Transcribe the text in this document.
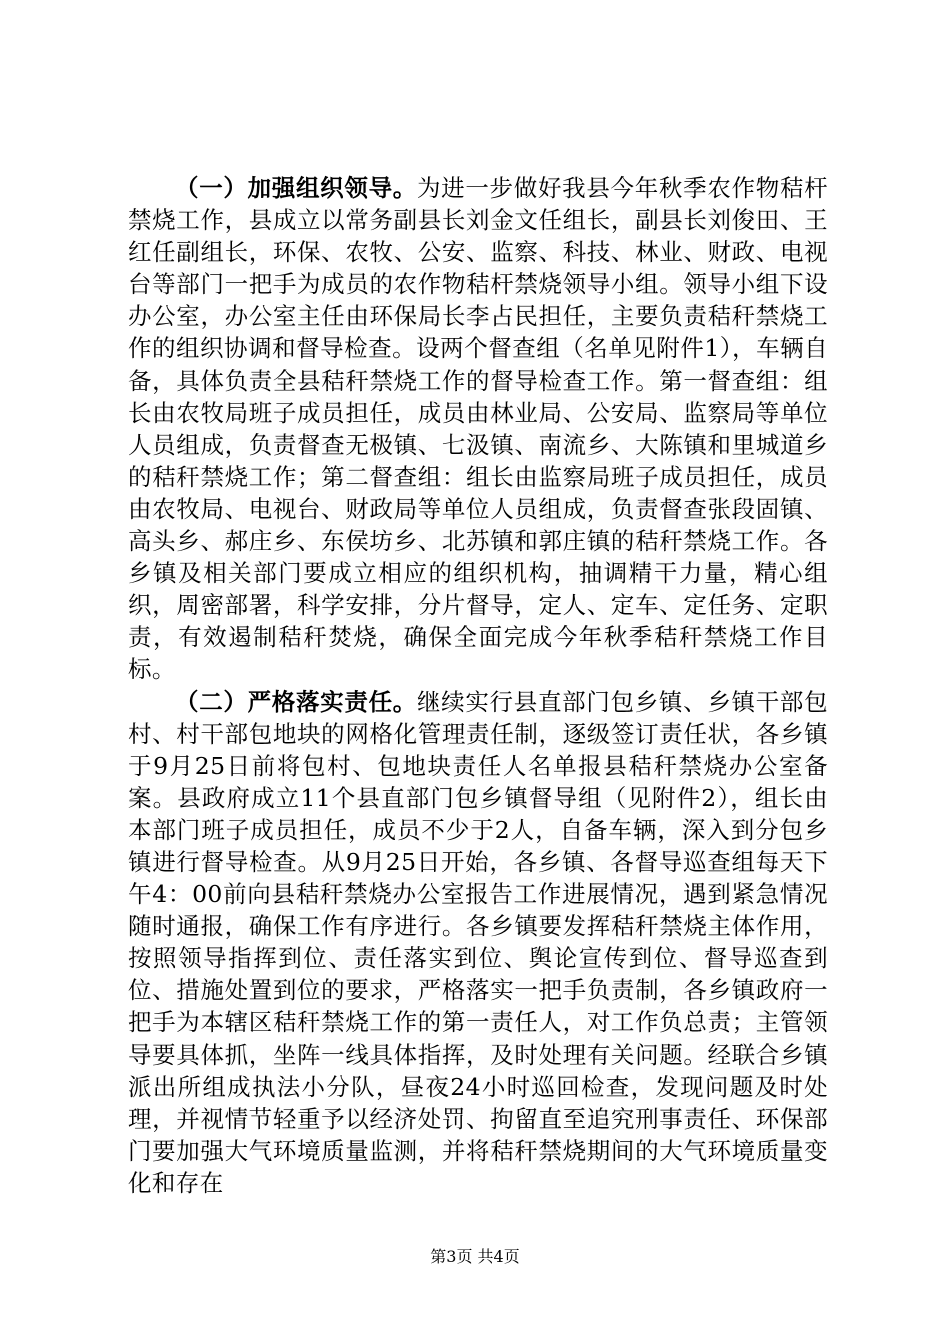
（一）加强组织领导。为进一步做好我县今年秋季农作物秸杆禁烧工作，县成立以常务副县长刘金文任组长，副县长刘俊田、王红任副组长，环保、农牧、公安、监察、科技、林业、财政、电视台等部门一把手为成员的农作物秸杆禁烧领导小组。领导小组下设办公室，办公室主任由环保局长李占民担任，主要负责秸秆禁烧工作的组织协调和督导检查。设两个督查组（名单见附件1），车辆自备，具体负责全县秸秆禁烧工作的督导检查工作。第一督查组：组长由农牧局班子成员担任，成员由林业局、公安局、监察局等单位人员组成，负责督查无极镇、七汲镇、南流乡、大陈镇和里城道乡的秸秆禁烧工作；第二督查组：组长由监察局班子成员担任，成员由农牧局、电视台、财政局等单位人员组成，负责督查张段固镇、高头乡、郝庄乡、东侯坊乡、北苏镇和郭庄镇的秸秆禁烧工作。各乡镇及相关部门要成立相应的组织机构，抽调精干力量，精心组织，周密部署，科学安排，分片督导，定人、定车、定任务、定职责，有效遏制秸秆焚烧，确保全面完成今年秋季秸秆禁烧工作目标。

（二）严格落实责任。继续实行县直部门包乡镇、乡镇干部包村、村干部包地块的网格化管理责任制，逐级签订责任状，各乡镇于9月25日前将包村、包地块责任人名单报县秸秆禁烧办公室备案。县政府成立11个县直部门包乡镇督导组（见附件2），组长由本部门班子成员担任，成员不少于2人，自备车辆，深入到分包乡镇进行督导检查。从9月25日开始，各乡镇、各督导巡查组每天下午4：00前向县秸秆禁烧办公室报告工作进展情况，遇到紧急情况随时通报，确保工作有序进行。各乡镇要发挥秸秆禁烧主体作用，按照领导指挥到位、责任落实到位、舆论宣传到位、督导巡查到位、措施处置到位的要求，严格落实一把手负责制，各乡镇政府一把手为本辖区秸秆禁烧工作的第一责任人，对工作负总责；主管领导要具体抓，坐阵一线具体指挥，及时处理有关问题。经联合乡镇派出所组成执法小分队，昼夜24小时巡回检查，发现问题及时处理，并视情节轻重予以经济处罚、拘留直至追究刑事责任、环保部门要加强大气环境质量监测，并将秸秆禁烧期间的大气环境质量变化和存在

第3页 共4页
